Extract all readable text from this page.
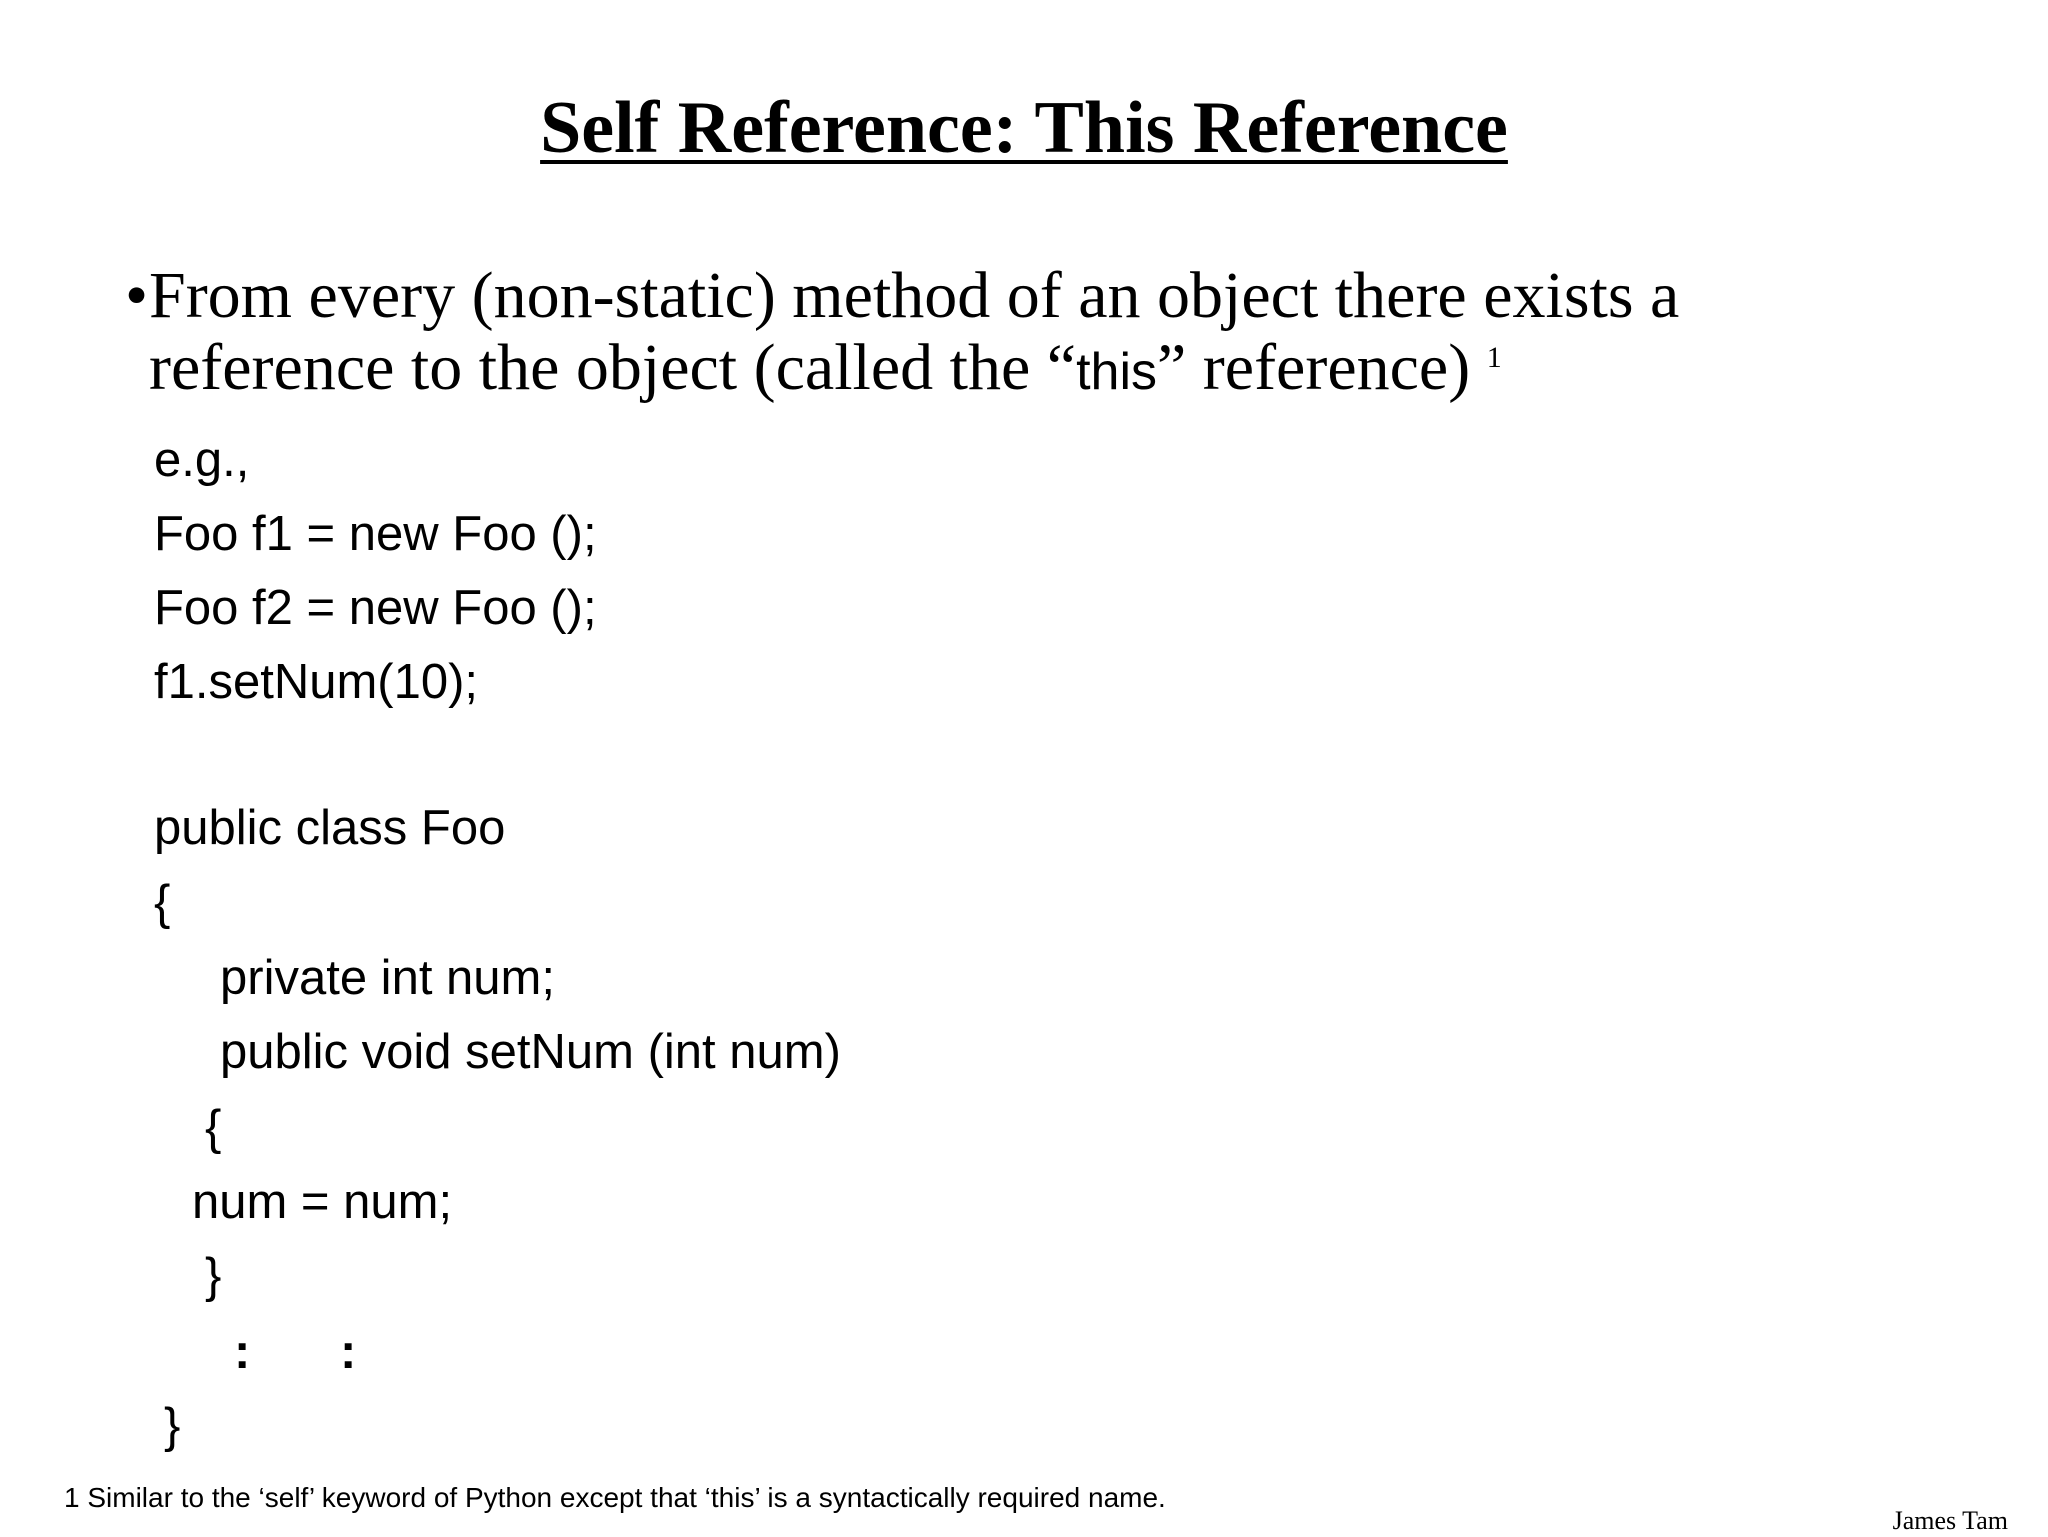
Self Reference: This Reference
• From every (non-static) method of an object there exists a
reference to the object (called the “this” reference) $^1$
e.g.,
Foo f1 = new Foo ();
Foo f2 = new Foo ();
f1.setNum(10);
public class Foo
{
private int num;
public void setNum (int num)
{
num = num;
}
: :
}
1 Similar to the ‘self’ keyword of Python except that ‘this’ is a syntactically required name.
James Tam
